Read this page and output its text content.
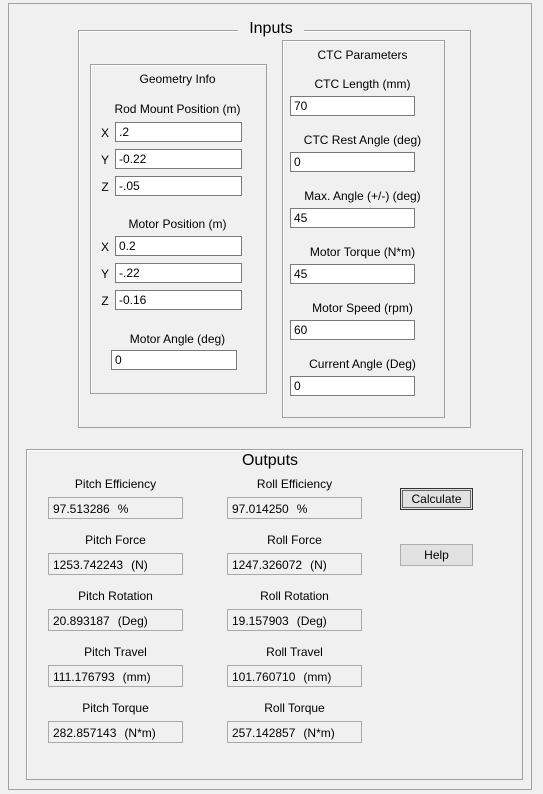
Inputs
Geometry Info
Rod Mount Position (m)
X
.2
Y
-0.22
Z
-.05
Motor Position (m)
X
0.2
Y
-.22
Z
-0.16
Motor Angle (deg)
0
CTC Parameters
CTC Length (mm)
70
CTC Rest Angle (deg)
0
Max. Angle (+/-) (deg)
45
Motor Torque (N*m)
45
Motor Speed (rpm)
60
Current Angle (Deg)
0
Outputs
Pitch Efficiency
97.513286 %
Roll Efficiency
97.014250 %
Pitch Force
1253.742243 (N)
Roll Force
1247.326072 (N)
Pitch Rotation
20.893187 (Deg)
Roll Rotation
19.157903 (Deg)
Pitch Travel
111.176793 (mm)
Roll Travel
101.760710 (mm)
Pitch Torque
282.857143 (N*m)
Roll Torque
257.142857 (N*m)
Calculate
Help
